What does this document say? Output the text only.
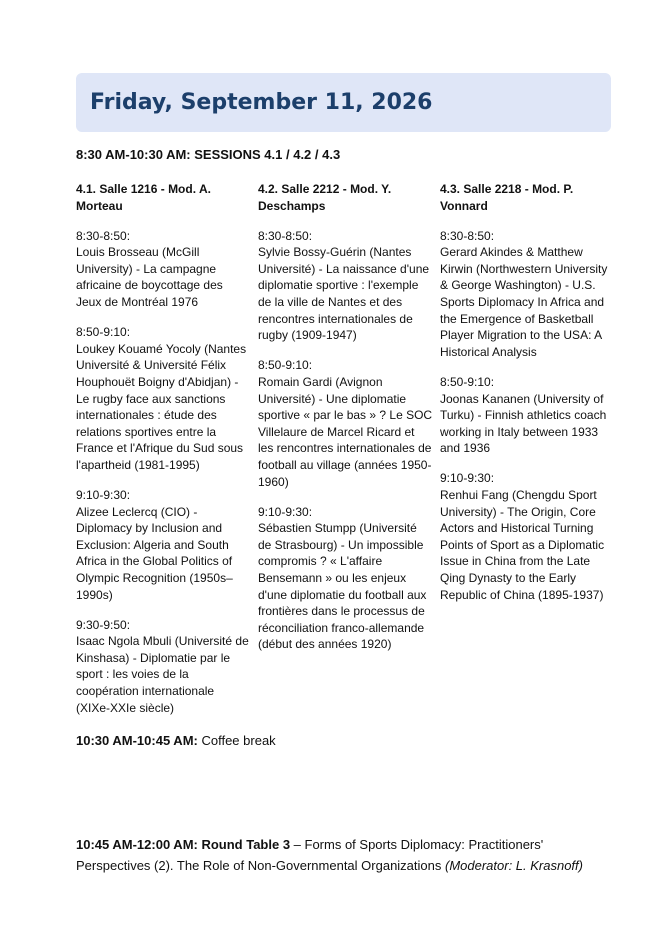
Friday, September 11, 2026
8:30 AM-10:30 AM: SESSIONS 4.1 / 4.2 / 4.3
4.1. Salle 1216 - Mod. A. Morteau
8:30-8:50:
Louis Brosseau (McGill University) - La campagne africaine de boycottage des Jeux de Montréal 1976
8:50-9:10:
Loukey Kouamé Yocoly (Nantes Université & Université Félix Houphouët Boigny d'Abidjan) - Le rugby face aux sanctions internationales : étude des relations sportives entre la France et l'Afrique du Sud sous l'apartheid (1981-1995)
9:10-9:30:
Alizee Leclercq (CIO) - Diplomacy by Inclusion and Exclusion: Algeria and South Africa in the Global Politics of Olympic Recognition (1950s–1990s)
9:30-9:50:
Isaac Ngola Mbuli (Université de Kinshasa) - Diplomatie par le sport : les voies de la coopération internationale (XIXe-XXIe siècle)
4.2. Salle 2212 - Mod. Y. Deschamps
8:30-8:50:
Sylvie Bossy-Guérin (Nantes Université) - La naissance d'une diplomatie sportive : l'exemple de la ville de Nantes et des rencontres internationales de rugby (1909-1947)
8:50-9:10:
Romain Gardi (Avignon Université) - Une diplomatie sportive « par le bas » ? Le SOC Villelaure de Marcel Ricard et les rencontres internationales de football au village (années 1950-1960)
9:10-9:30:
Sébastien Stumpp (Université de Strasbourg) - Un impossible compromis ? « L'affaire Bensemann » ou les enjeux d'une diplomatie du football aux frontières dans le processus de réconciliation franco-allemande (début des années 1920)
4.3. Salle 2218 - Mod. P. Vonnard
8:30-8:50:
Gerard Akindes & Matthew Kirwin (Northwestern University & George Washington) - U.S. Sports Diplomacy In Africa and the Emergence of Basketball Player Migration to the USA: A Historical Analysis
8:50-9:10:
Joonas Kananen (University of Turku) - Finnish athletics coach working in Italy between 1933 and 1936
9:10-9:30:
Renhui Fang (Chengdu Sport University) - The Origin, Core Actors and Historical Turning Points of Sport as a Diplomatic Issue in China from the Late Qing Dynasty to the Early Republic of China (1895-1937)
10:30 AM-10:45 AM: Coffee break
10:45 AM-12:00 AM: Round Table 3 – Forms of Sports Diplomacy: Practitioners' Perspectives (2). The Role of Non-Governmental Organizations (Moderator: L. Krasnoff)
